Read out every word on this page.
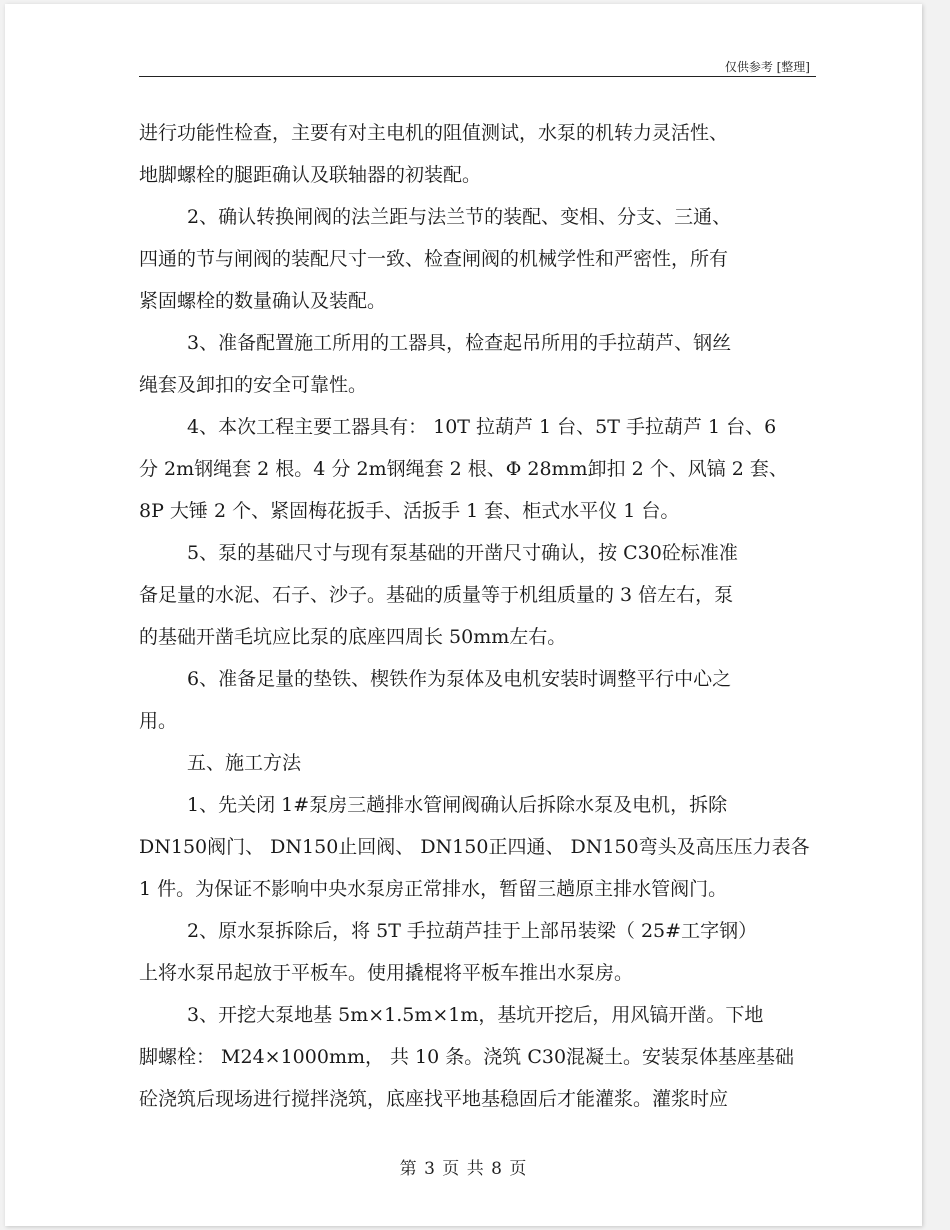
仅供参考 [整理]
进行功能性检查，主要有对主电机的阻值测试，水泵的机转力灵活性、
地脚螺栓的腿距确认及联轴器的初装配。
2、确认转换闸阀的法兰距与法兰节的装配、变相、分支、三通、
四通的节与闸阀的装配尺寸一致、检查闸阀的机械学性和严密性，所有
紧固螺栓的数量确认及装配。
3、准备配置施工所用的工器具，检查起吊所用的手拉葫芦、钢丝
绳套及卸扣的安全可靠性。
4、本次工程主要工器具有： 10T 拉葫芦 1 台、5T 手拉葫芦 1 台、6
分 2m钢绳套 2 根。4 分 2m钢绳套 2 根、Φ 28mm卸扣 2 个、风镐 2 套、
8P 大锤 2 个、紧固梅花扳手、活扳手 1 套、柜式水平仪 1 台。
5、泵的基础尺寸与现有泵基础的开凿尺寸确认，按 C30砼标准准
备足量的水泥、石子、沙子。基础的质量等于机组质量的 3 倍左右，泵
的基础开凿毛坑应比泵的底座四周长 50mm左右。
6、准备足量的垫铁、楔铁作为泵体及电机安装时调整平行中心之
用。
五、施工方法
1、先关闭 1#泵房三趟排水管闸阀确认后拆除水泵及电机，拆除
DN150阀门、 DN150止回阀、 DN150正四通、 DN150弯头及高压压力表各
1 件。为保证不影响中央水泵房正常排水，暂留三趟原主排水管阀门。
2、原水泵拆除后，将 5T 手拉葫芦挂于上部吊装梁（ 25#工字钢）
上将水泵吊起放于平板车。使用撬棍将平板车推出水泵房。
3、开挖大泵地基 5m×1.5m×1m，基坑开挖后，用风镐开凿。下地
脚螺栓： M24×1000mm， 共 10 条。浇筑 C30混凝土。安装泵体基座基础
砼浇筑后现场进行搅拌浇筑，底座找平地基稳固后才能灌浆。灌浆时应
第 3 页 共 8 页
